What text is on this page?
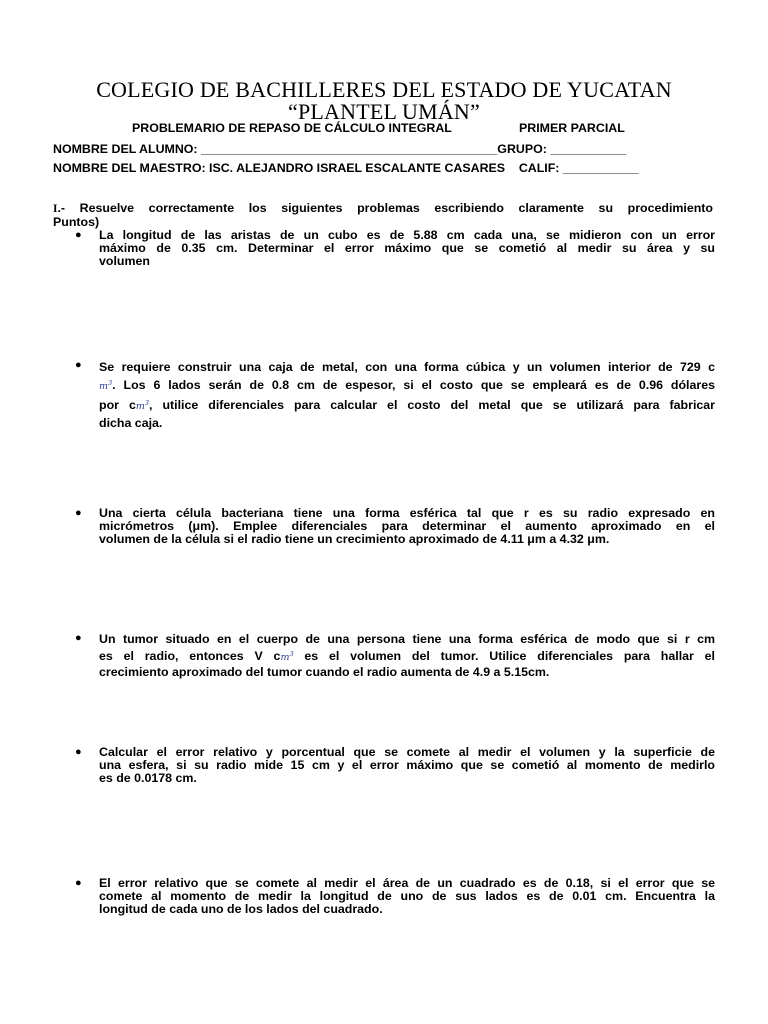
COLEGIO DE BACHILLERES DEL ESTADO DE YUCATAN
“PLANTEL UMÁN”
PROBLEMARIO DE REPASO DE CÁLCULO INTEGRAL	PRIMER PARCIAL
NOMBRE DEL ALUMNO: ___________________________________________GRUPO: ___________
NOMBRE DEL MAESTRO: ISC. ALEJANDRO ISRAEL ESCALANTE CASARES    CALIF: ___________
I.- Resuelve correctamente los siguientes problemas escribiendo claramente su procedimiento
Puntos)
● La longitud de las aristas de un cubo es de 5.88 cm cada una, se midieron con un error
máximo de 0.35 cm. Determinar el error máximo que se cometió al medir su área y su
volumen
● Se requiere construir una caja de metal, con una forma cúbica y un volumen interior de 729 c
$m^3$. Los 6 lados serán de 0.8 cm de espesor, si el costo que se empleará es de 0.96 dólares
por $cm^3$, utilice diferenciales para calcular el costo del metal que se utilizará para fabricar
dicha caja.
● Una cierta célula bacteriana tiene una forma esférica tal que r es su radio expresado en
micrómetros (μm). Emplee diferenciales para determinar el aumento aproximado en el
volumen de la célula si el radio tiene un crecimiento aproximado de 4.11 μm a 4.32 μm.
● Un tumor situado en el cuerpo de una persona tiene una forma esférica de modo que si r cm
es el radio, entonces V $cm^3$ es el volumen del tumor. Utilice diferenciales para hallar el
crecimiento aproximado del tumor cuando el radio aumenta de 4.9 a 5.15cm.
● Calcular el error relativo y porcentual que se comete al medir el volumen y la superficie de
una esfera, si su radio mide 15 cm y el error máximo que se cometió al momento de medirlo
es de 0.0178 cm.
● El error relativo que se comete al medir el área de un cuadrado es de 0.18, si el error que se
comete al momento de medir la longitud de uno de sus lados es de 0.01 cm. Encuentra la
longitud de cada uno de los lados del cuadrado.
